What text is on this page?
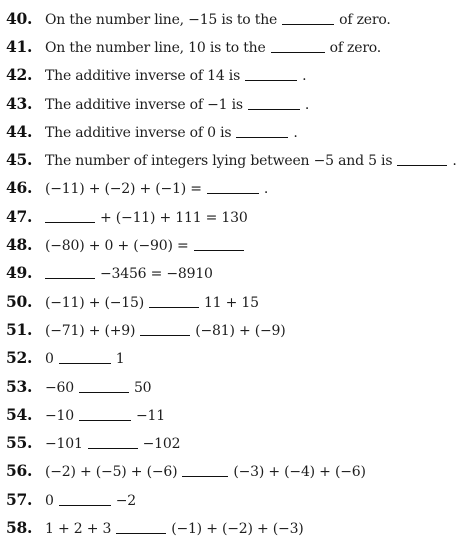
40. On the number line, −15 is to the	of zero.
41. On the number line, 10 is to the	of zero.
42. The additive inverse of 14 is	.
43. The additive inverse of −1 is	.
44. The additive inverse of 0 is	.
45. The number of integers lying between −5 and 5 is	.
46. (−11) + (−2) + (−1) =	.
47.	+ (−11) + 111 = 130
48. (−80) + 0 + (−90) =
49.	−3456 = −8910
50. (−11) + (−15)	11 + 15
51. (−71) + (+9)	(−81) + (−9)
52. 0	1
53. −60	50
54. −10	−11
55. −101	−102
56. (−2) + (−5) + (−6)	(−3) + (−4) + (−6)
57. 0	−2
58. 1 + 2 + 3	(−1) + (−2) + (−3)
